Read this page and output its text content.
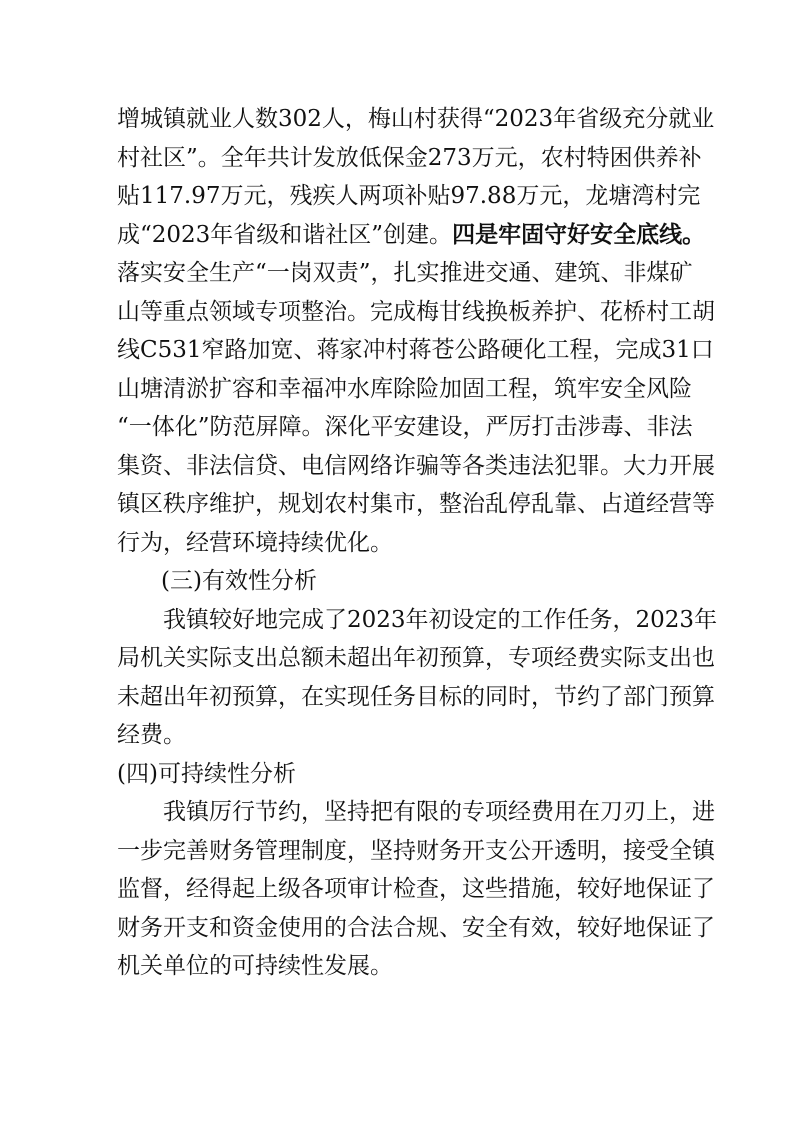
增城镇就业人数302人，梅山村获得“2023年省级充分就业
村社区”。全年共计发放低保金273万元，农村特困供养补
贴117.97万元，残疾人两项补贴97.88万元，龙塘湾村完
成“2023年省级和谐社区”创建。四是牢固守好安全底线。
落实安全生产“一岗双责”，扎实推进交通、建筑、非煤矿
山等重点领域专项整治。完成梅甘线换板养护、花桥村工胡
线C531窄路加宽、蒋家冲村蒋苍公路硬化工程，完成31口
山塘清淤扩容和幸福冲水库除险加固工程，筑牢安全风险
“一体化”防范屏障。深化平安建设，严厉打击涉毒、非法
集资、非法信贷、电信网络诈骗等各类违法犯罪。大力开展
镇区秩序维护，规划农村集市，整治乱停乱靠、占道经营等
行为，经营环境持续优化。
(三)有效性分析
我镇较好地完成了2023年初设定的工作任务，2023年
局机关实际支出总额未超出年初预算，专项经费实际支出也
未超出年初预算，在实现任务目标的同时，节约了部门预算
经费。
(四)可持续性分析
我镇厉行节约，坚持把有限的专项经费用在刀刃上，进
一步完善财务管理制度，坚持财务开支公开透明，接受全镇
监督，经得起上级各项审计检查，这些措施，较好地保证了
财务开支和资金使用的合法合规、安全有效，较好地保证了
机关单位的可持续性发展。
